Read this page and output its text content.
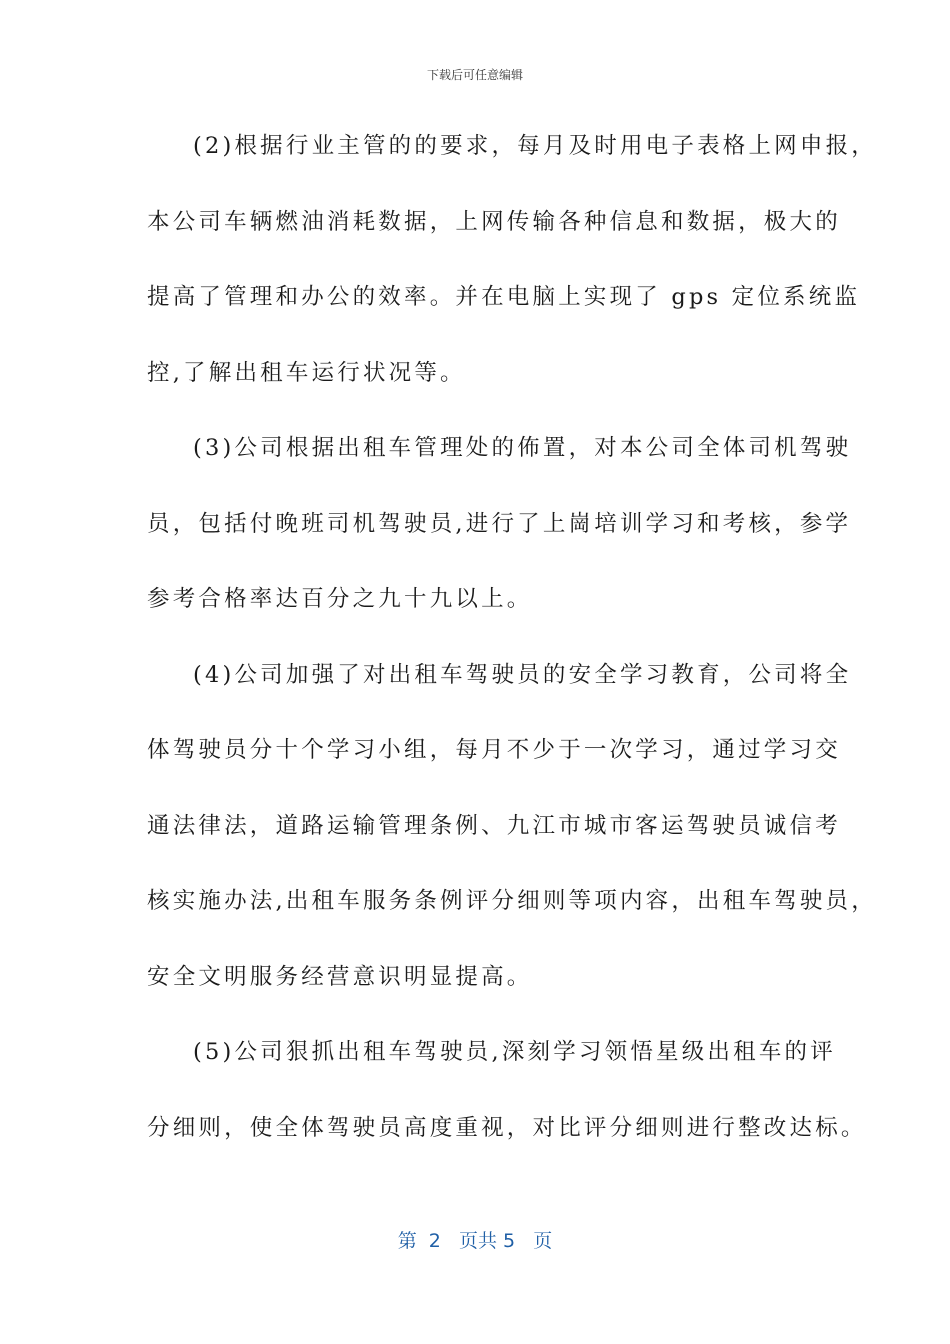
下载后可任意编辑
(2)根据行业主管的的要求，每月及时用电子表格上网申报，
本公司车辆燃油消耗数据，上网传输各种信息和数据，极大的
提高了管理和办公的效率。并在电脑上实现了 gps 定位系统监
控,了解出租车运行状况等。
(3)公司根据出租车管理处的佈置，对本公司全体司机驾驶
员，包括付晚班司机驾驶员,进行了上崗培训学习和考核，参学
参考合格率达百分之九十九以上。
(4)公司加强了对出租车驾驶员的安全学习教育，公司将全
体驾驶员分十个学习小组，每月不少于一次学习，通过学习交
通法律法，道路运输管理条例、九江市城市客运驾驶员诚信考
核实施办法,出租车服务条例评分细则等项内容，出租车驾驶员，
安全文明服务经营意识明显提高。
(5)公司狠抓出租车驾驶员,深刻学习领悟星级出租车的评
分细则，使全体驾驶员高度重视，对比评分细则进行整改达标。
第  2   页共 5   页
